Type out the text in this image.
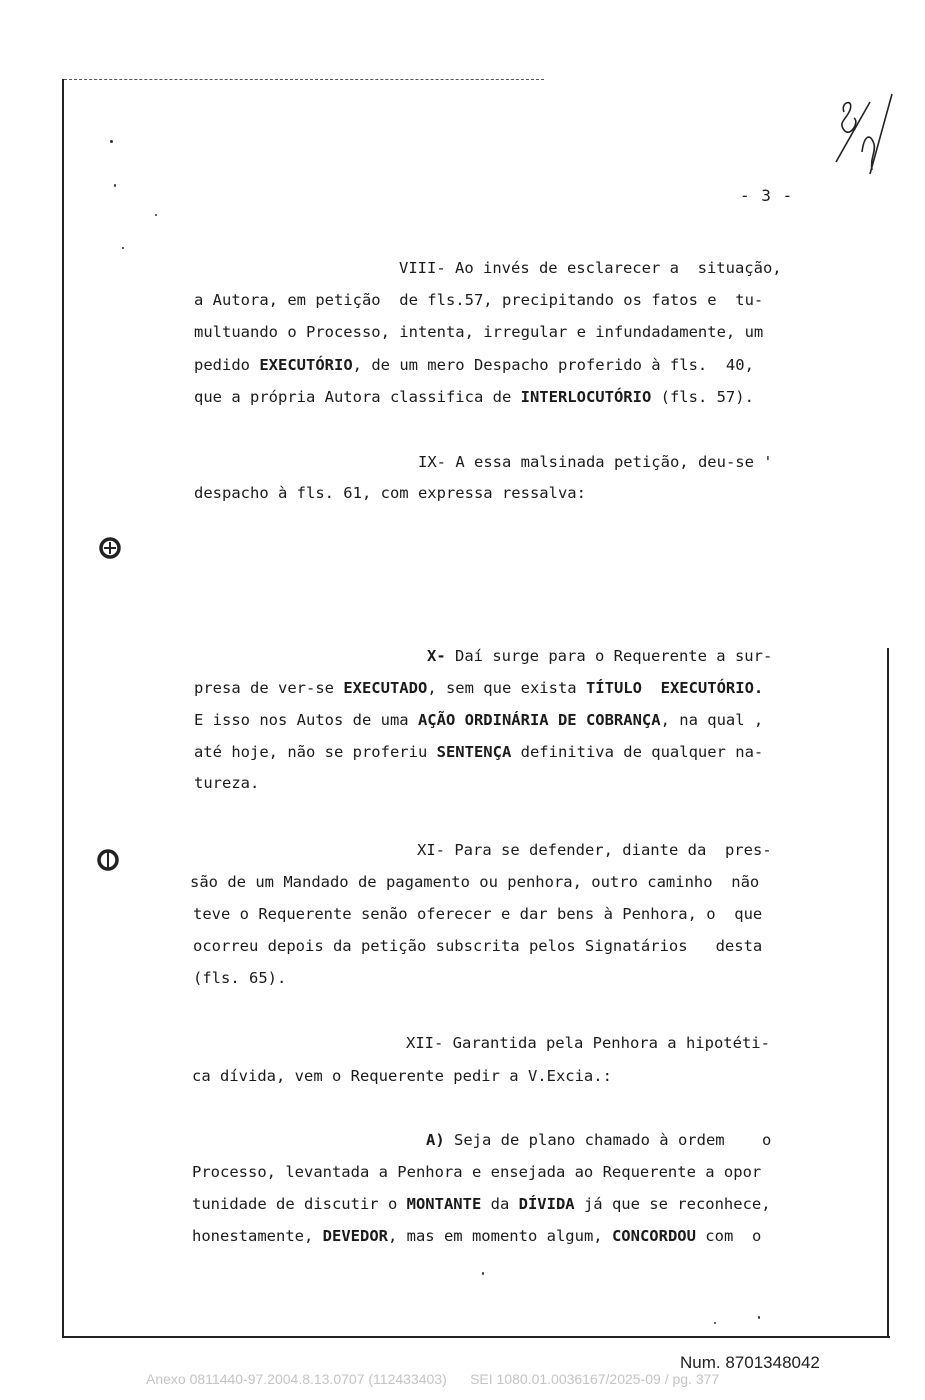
- 3 -
VIII- Ao invés de esclarecer a  situação,
a Autora, em petição  de fls.57, precipitando os fatos e  tu-
multuando o Processo, intenta, irregular e infundadamente, um
pedido EXECUTÓRIO, de um mero Despacho proferido à fls.  40,
que a própria Autora classifica de INTERLOCUTÓRIO (fls. 57).
IX- A essa malsinada petição, deu-se '
despacho à fls. 61, com expressa ressalva:
X- Daí surge para o Requerente a sur-
presa de ver-se EXECUTADO, sem que exista TÍTULO  EXECUTÓRIO.
E isso nos Autos de uma AÇÃO ORDINÁRIA DE COBRANÇA, na qual ,
até hoje, não se proferiu SENTENÇA definitiva de qualquer na-
tureza.
XI- Para se defender, diante da  pres-
são de um Mandado de pagamento ou penhora, outro caminho  não
teve o Requerente senão oferecer e dar bens à Penhora, o  que
ocorreu depois da petição subscrita pelos Signatários   desta
(fls. 65).
XII- Garantida pela Penhora a hipotéti-
ca dívida, vem o Requerente pedir a V.Excia.:
A) Seja de plano chamado à ordem    o
Processo, levantada a Penhora e ensejada ao Requerente a opor
tunidade de discutir o MONTANTE da DÍVIDA já que se reconhece,
honestamente, DEVEDOR, mas em momento algum, CONCORDOU com  o
Num. 8701348042
Anexo 0811440-97.2004.8.13.0707 (112433403)      SEI 1080.01.0036167/2025-09 / pg. 377
